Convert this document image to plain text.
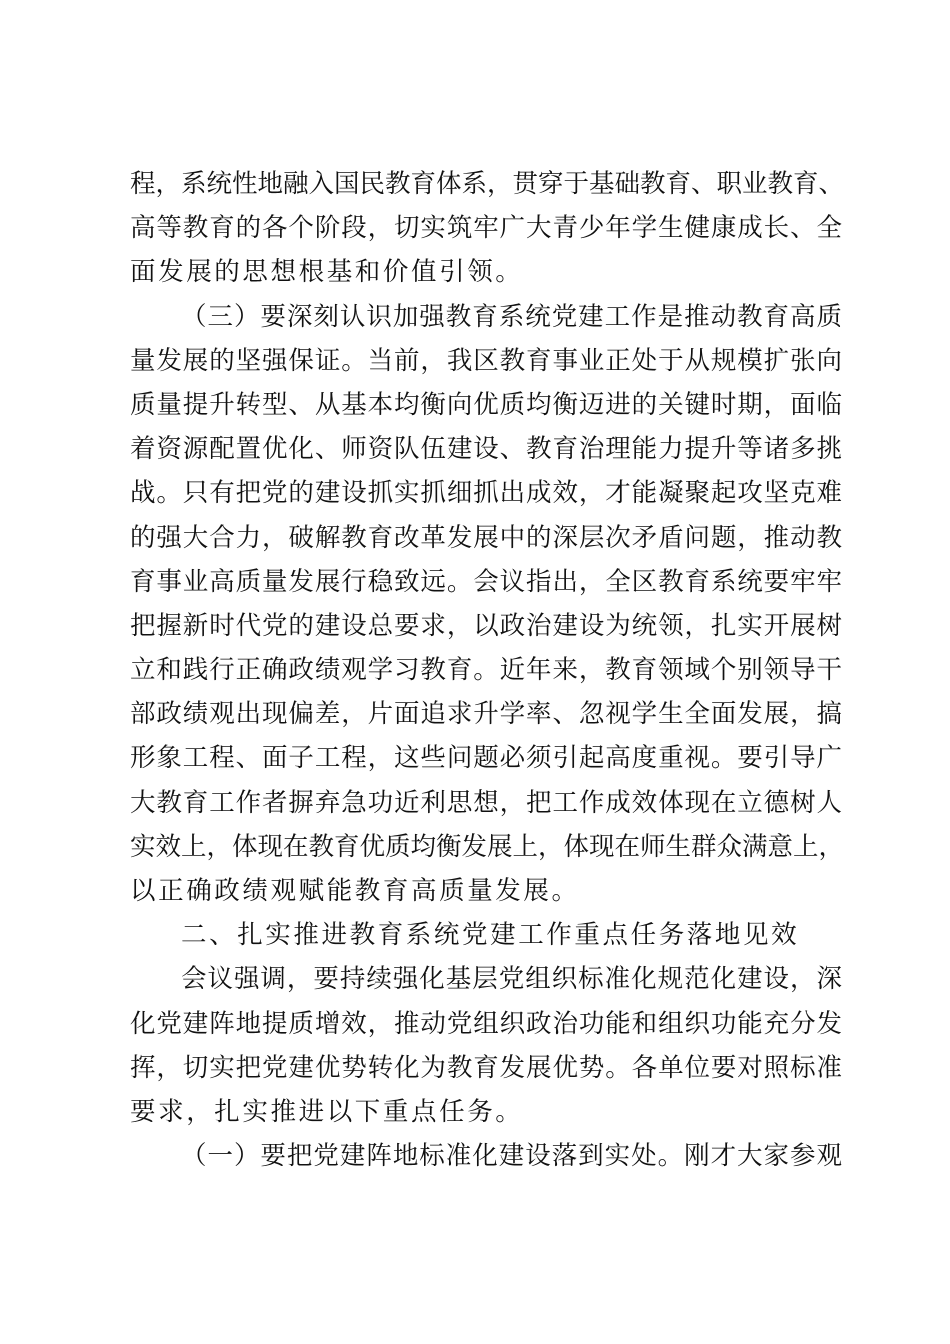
程，系统性地融入国民教育体系，贯穿于基础教育、职业教育、
高等教育的各个阶段，切实筑牢广大青少年学生健康成长、全
面发展的思想根基和价值引领。
（三）要深刻认识加强教育系统党建工作是推动教育高质
量发展的坚强保证。当前，我区教育事业正处于从规模扩张向
质量提升转型、从基本均衡向优质均衡迈进的关键时期，面临
着资源配置优化、师资队伍建设、教育治理能力提升等诸多挑
战。只有把党的建设抓实抓细抓出成效，才能凝聚起攻坚克难
的强大合力，破解教育改革发展中的深层次矛盾问题，推动教
育事业高质量发展行稳致远。会议指出，全区教育系统要牢牢
把握新时代党的建设总要求，以政治建设为统领，扎实开展树
立和践行正确政绩观学习教育。近年来，教育领域个别领导干
部政绩观出现偏差，片面追求升学率、忽视学生全面发展，搞
形象工程、面子工程，这些问题必须引起高度重视。要引导广
大教育工作者摒弃急功近利思想，把工作成效体现在立德树人
实效上，体现在教育优质均衡发展上，体现在师生群众满意上，
以正确政绩观赋能教育高质量发展。
二、扎实推进教育系统党建工作重点任务落地见效
会议强调，要持续强化基层党组织标准化规范化建设，深
化党建阵地提质增效，推动党组织政治功能和组织功能充分发
挥，切实把党建优势转化为教育发展优势。各单位要对照标准
要求，扎实推进以下重点任务。
（一）要把党建阵地标准化建设落到实处。刚才大家参观
